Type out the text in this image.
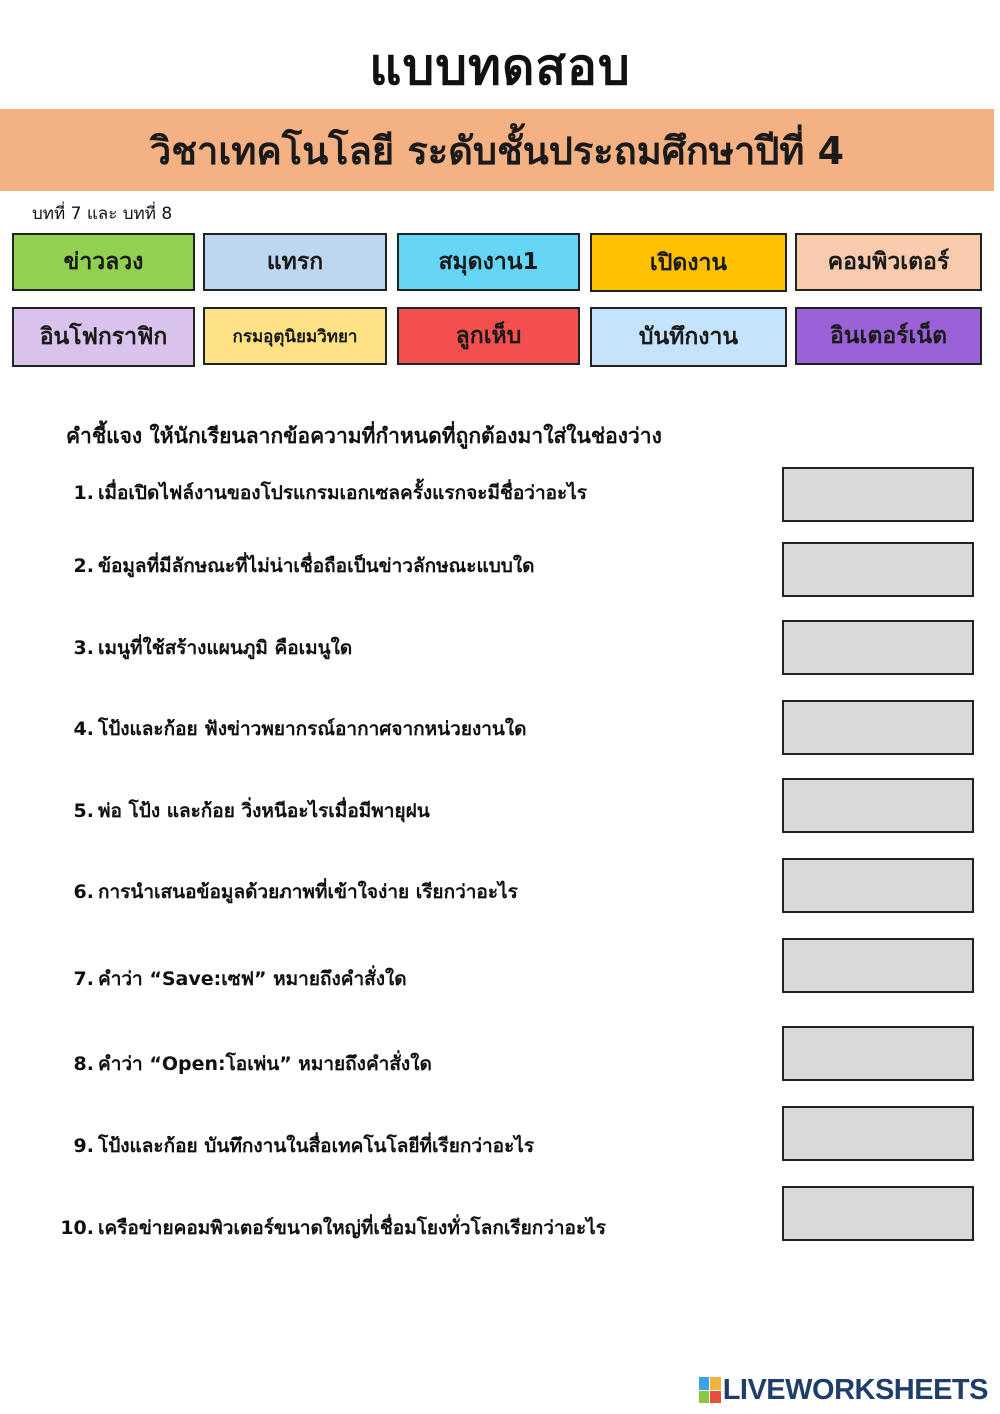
แบบทดสอบ
วิชาเทคโนโลยี ระดับชั้นประถมศึกษาปีที่ 4
บทที่ 7 และ บทที่ 8
ข่าวลวง	แทรก	สมุดงาน1	เปิดงาน	คอมพิวเตอร์
อินโฟกราฟิก	กรมอุตุนิยมวิทยา	ลูกเห็บ	บันทึกงาน	อินเตอร์เน็ต
คำชี้แจง ให้นักเรียนลากข้อความที่กำหนดที่ถูกต้องมาใส่ในช่องว่าง
1. เมื่อเปิดไฟล์งานของโปรแกรมเอกเซลครั้งแรกจะมีชื่อว่าอะไร
2. ข้อมูลที่มีลักษณะที่ไม่น่าเชื่อถือเป็นข่าวลักษณะแบบใด
3. เมนูที่ใช้สร้างแผนภูมิ คือเมนูใด
4. โป้งและก้อย ฟังข่าวพยากรณ์อากาศจากหน่วยงานใด
5. พ่อ โป้ง และก้อย วิ่งหนีอะไรเมื่อมีพายุฝน
6. การนำเสนอข้อมูลด้วยภาพที่เข้าใจง่าย เรียกว่าอะไร
7. คำว่า “Save:เซฟ” หมายถึงคำสั่งใด
8. คำว่า “Open:โอเพ่น” หมายถึงคำสั่งใด
9. โป้งและก้อย บันทึกงานในสื่อเทคโนโลยีที่เรียกว่าอะไร
10. เครือข่ายคอมพิวเตอร์ขนาดใหญ่ที่เชื่อมโยงทั่วโลกเรียกว่าอะไร
LIVEWORKSHEETS
